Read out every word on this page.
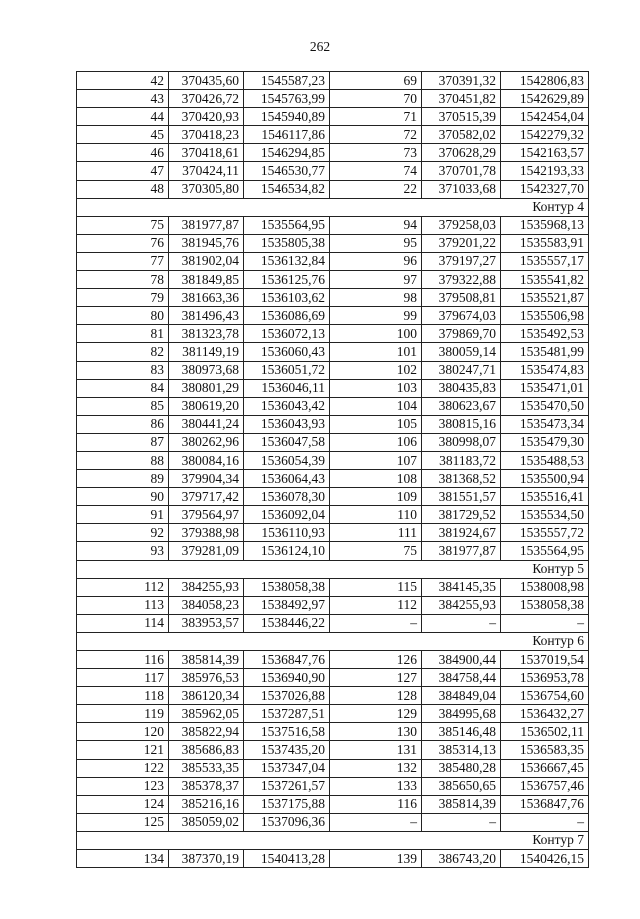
262
42	370435,60	1545587,23	69	370391,32	1542806,83
43	370426,72	1545763,99	70	370451,82	1542629,89
44	370420,93	1545940,89	71	370515,39	1542454,04
45	370418,23	1546117,86	72	370582,02	1542279,32
46	370418,61	1546294,85	73	370628,29	1542163,57
47	370424,11	1546530,77	74	370701,78	1542193,33
48	370305,80	1546534,82	22	371033,68	1542327,70
Контур 4					
75	381977,87	1535564,95	94	379258,03	1535968,13
76	381945,76	1535805,38	95	379201,22	1535583,91
77	381902,04	1536132,84	96	379197,27	1535557,17
78	381849,85	1536125,76	97	379322,88	1535541,82
79	381663,36	1536103,62	98	379508,81	1535521,87
80	381496,43	1536086,69	99	379674,03	1535506,98
81	381323,78	1536072,13	100	379869,70	1535492,53
82	381149,19	1536060,43	101	380059,14	1535481,99
83	380973,68	1536051,72	102	380247,71	1535474,83
84	380801,29	1536046,11	103	380435,83	1535471,01
85	380619,20	1536043,42	104	380623,67	1535470,50
86	380441,24	1536043,93	105	380815,16	1535473,34
87	380262,96	1536047,58	106	380998,07	1535479,30
88	380084,16	1536054,39	107	381183,72	1535488,53
89	379904,34	1536064,43	108	381368,52	1535500,94
90	379717,42	1536078,30	109	381551,57	1535516,41
91	379564,97	1536092,04	110	381729,52	1535534,50
92	379388,98	1536110,93	111	381924,67	1535557,72
93	379281,09	1536124,10	75	381977,87	1535564,95
Контур 5					
112	384255,93	1538058,38	115	384145,35	1538008,98
113	384058,23	1538492,97	112	384255,93	1538058,38
114	383953,57	1538446,22	–	–	–
Контур 6					
116	385814,39	1536847,76	126	384900,44	1537019,54
117	385976,53	1536940,90	127	384758,44	1536953,78
118	386120,34	1537026,88	128	384849,04	1536754,60
119	385962,05	1537287,51	129	384995,68	1536432,27
120	385822,94	1537516,58	130	385146,48	1536502,11
121	385686,83	1537435,20	131	385314,13	1536583,35
122	385533,35	1537347,04	132	385480,28	1536667,45
123	385378,37	1537261,57	133	385650,65	1536757,46
124	385216,16	1537175,88	116	385814,39	1536847,76
125	385059,02	1537096,36	–	–	–
Контур 7					
134	387370,19	1540413,28	139	386743,20	1540426,15
